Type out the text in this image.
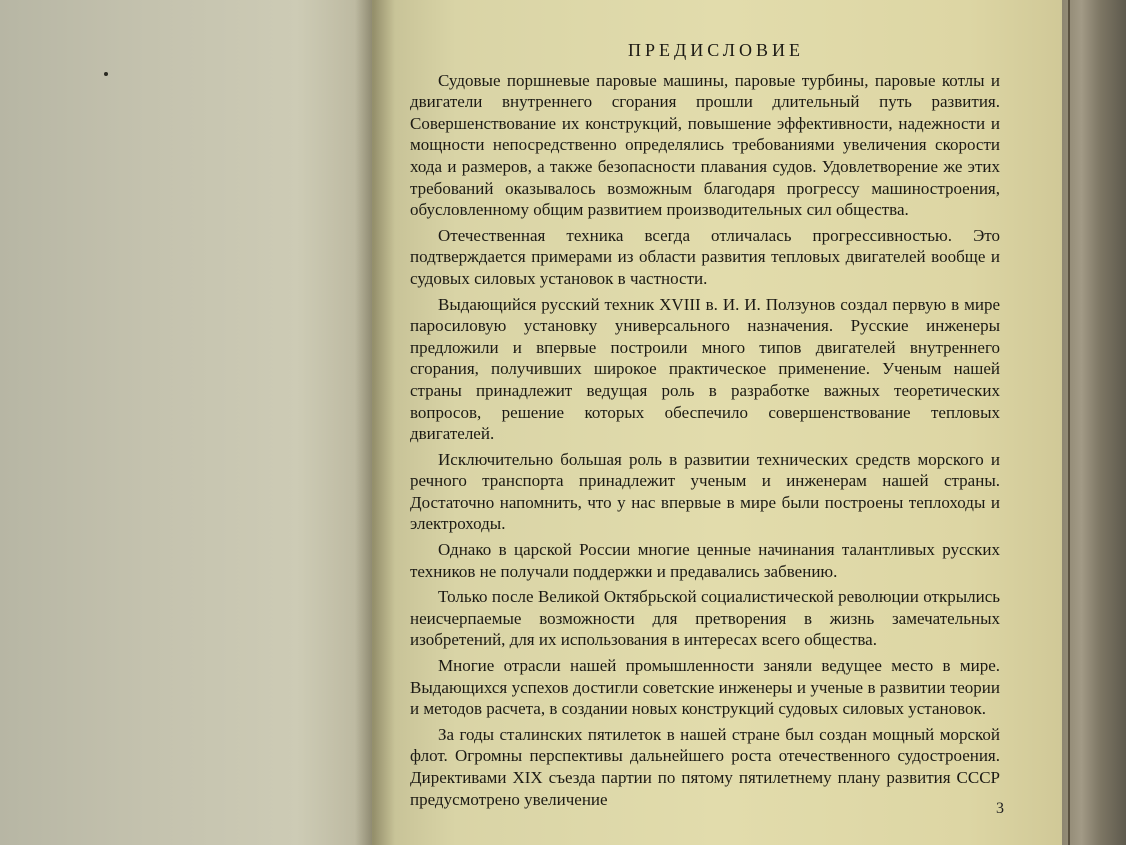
ПРЕДИСЛОВИЕ

Судовые поршневые паровые машины, паровые турбины, паровые котлы и двигатели внутреннего сгорания прошли длительный путь развития. Совершенствование их конструкций, повышение эффективности, надежности и мощности непосредственно определялись требованиями увеличения скорости хода и размеров, а также безопасности плавания судов. Удовлетворение же этих требований оказывалось возможным благодаря прогрессу машиностроения, обусловленному общим развитием производительных сил общества.

Отечественная техника всегда отличалась прогрессивностью. Это подтверждается примерами из области развития тепловых двигателей вообще и судовых силовых установок в частности.

Выдающийся русский техник XVIII в. И. И. Ползунов создал первую в мире паросиловую установку универсального назначения. Русские инженеры предложили и впервые построили много типов двигателей внутреннего сгорания, получивших широкое практическое применение. Ученым нашей страны принадлежит ведущая роль в разработке важных теоретических вопросов, решение которых обеспечило совершенствование тепловых двигателей.

Исключительно большая роль в развитии технических средств морского и речного транспорта принадлежит ученым и инженерам нашей страны. Достаточно напомнить, что у нас впервые в мире были построены теплоходы и электроходы.

Однако в царской России многие ценные начинания талантливых русских техников не получали поддержки и предавались забвению.

Только после Великой Октябрьской социалистической революции открылись неисчерпаемые возможности для претворения в жизнь замечательных изобретений, для их использования в интересах всего общества.

Многие отрасли нашей промышленности заняли ведущее место в мире. Выдающихся успехов достигли советские инженеры и ученые в развитии теории и методов расчета, в создании новых конструкций судовых силовых установок.

За годы сталинских пятилеток в нашей стране был создан мощный морской флот. Огромны перспективы дальнейшего роста отечественного судостроения. Директивами XIX съезда партии по пятому пятилетнему плану развития СССР предусмотрено увеличение	3
